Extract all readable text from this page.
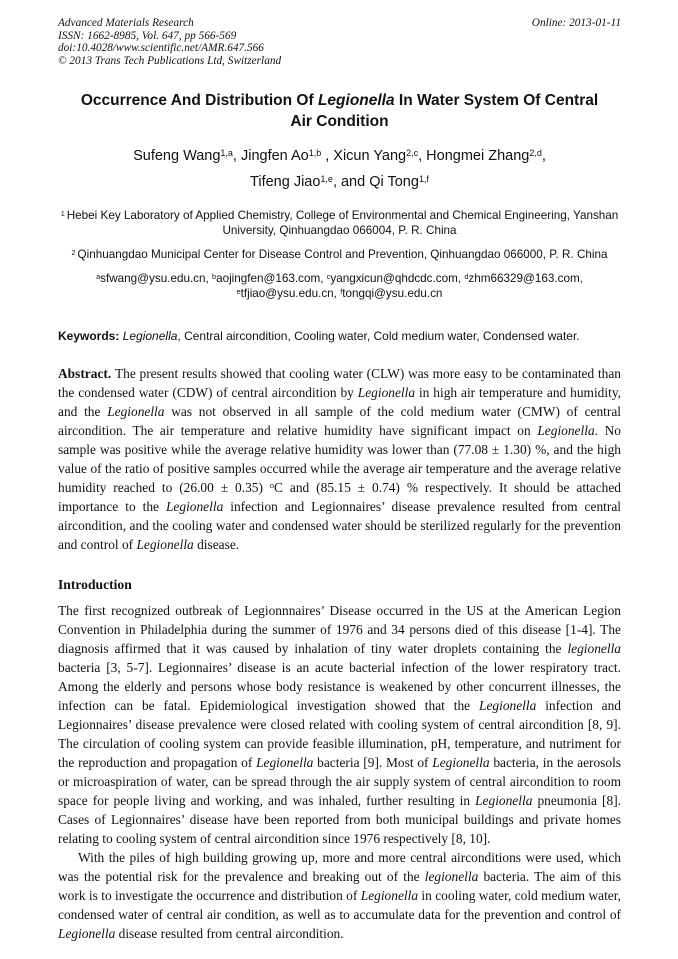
Advanced Materials Research
ISSN: 1662-8985, Vol. 647, pp 566-569
doi:10.4028/www.scientific.net/AMR.647.566
© 2013 Trans Tech Publications Ltd, Switzerland
Online: 2013-01-11
Occurrence And Distribution Of Legionella In Water System Of Central Air Condition
Sufeng Wang$^{1,a}$, Jingfen Ao$^{1,b}$ , Xicun Yang$^{2,c}$, Hongmei Zhang$^{2,d}$,
Tifeng Jiao$^{1,e}$, and Qi Tong$^{1,f}$
$^1$ Hebei Key Laboratory of Applied Chemistry, College of Environmental and Chemical Engineering, Yanshan University, Qinhuangdao 066004, P. R. China
$^2$ Qinhuangdao Municipal Center for Disease Control and Prevention, Qinhuangdao 066000, P. R. China
$^a$sfwang@ysu.edu.cn, $^b$aojingfen@163.com, $^c$yangxicun@qhdcdc.com, $^d$zhm66329@163.com, $^e$tfjiao@ysu.edu.cn, $^f$tongqi@ysu.edu.cn
Keywords: Legionella, Central aircondition, Cooling water, Cold medium water, Condensed water.

Abstract. The present results showed that cooling water (CLW) was more easy to be contaminated than the condensed water (CDW) of central aircondition by Legionella in high air temperature and humidity, and the Legionella was not observed in all sample of the cold medium water (CMW) of central aircondition. The air temperature and relative humidity have significant impact on Legionella. No sample was positive while the average relative humidity was lower than (77.08 ± 1.30) %, and the high value of the ratio of positive samples occurred while the average air temperature and the average relative humidity reached to (26.00 ± 0.35) $^o$C and (85.15 ± 0.74) % respectively. It should be attached importance to the Legionella infection and Legionnaires’ disease prevalence resulted from central aircondition, and the cooling water and condensed water should be sterilized regularly for the prevention and control of Legionella disease.

Introduction

The first recognized outbreak of Legionnnaires’ Disease occurred in the US at the American Legion Convention in Philadelphia during the summer of 1976 and 34 persons died of this disease [1-4]. The diagnosis affirmed that it was caused by inhalation of tiny water droplets containing the legionella bacteria [3, 5-7]. Legionnaires’ disease is an acute bacterial infection of the lower respiratory tract. Among the elderly and persons whose body resistance is weakened by other concurrent illnesses, the infection can be fatal. Epidemiological investigation showed that the Legionella infection and Legionnaires’ disease prevalence were closed related with cooling system of central aircondition [8, 9]. The circulation of cooling system can provide feasible illumination, pH, temperature, and nutriment for the reproduction and propagation of Legionella bacteria [9]. Most of Legionella bacteria, in the aerosols or microaspiration of water, can be spread through the air supply system of central aircondition to room space for people living and working, and was inhaled, further resulting in Legionella pneumonia [8]. Cases of Legionnaires’ disease have been reported from both municipal buildings and private homes relating to cooling system of central aircondition since 1976 respectively [8, 10].

With the piles of high building growing up, more and more central airconditions were used, which was the potential risk for the prevalence and breaking out of the legionella bacteria. The aim of this work is to investigate the occurrence and distribution of Legionella in cooling water, cold medium water, condensed water of central air condition, as well as to accumulate data for the prevention and control of Legionella disease resulted from central aircondition.
